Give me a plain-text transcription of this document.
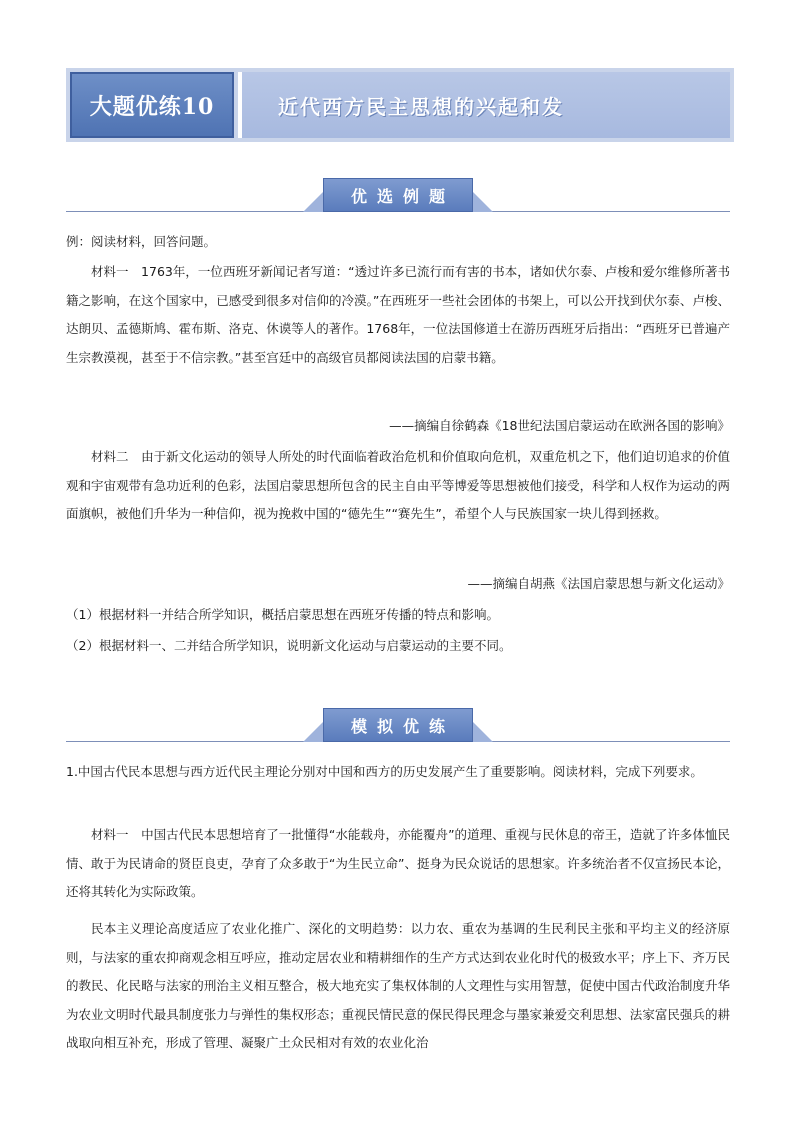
大题优练10	近代西方民主思想的兴起和发
优选例题

例：阅读材料，回答问题。

材料一　1763年，一位西班牙新闻记者写道：“透过许多已流行而有害的书本，诸如伏尔泰、卢梭和爱尔维修所著书籍之影响，在这个国家中，已感受到很多对信仰的冷漠。”在西班牙一些社会团体的书架上，可以公开找到伏尔泰、卢梭、达朗贝、孟德斯鸠、霍布斯、洛克、休谟等人的著作。1768年，一位法国修道士在游历西班牙后指出：“西班牙已普遍产生宗教漠视，甚至于不信宗教。”甚至宫廷中的高级官员都阅读法国的启蒙书籍。

——摘编自徐鹤森《18世纪法国启蒙运动在欧洲各国的影响》

材料二　由于新文化运动的领导人所处的时代面临着政治危机和价值取向危机，双重危机之下，他们迫切追求的价值观和宇宙观带有急功近利的色彩，法国启蒙思想所包含的民主自由平等博爱等思想被他们接受，科学和人权作为运动的两面旗帜，被他们升华为一种信仰，视为挽救中国的“德先生”“赛先生”，希望个人与民族国家一块儿得到拯救。

——摘编自胡燕《法国启蒙思想与新文化运动》

（1）根据材料一并结合所学知识，概括启蒙思想在西班牙传播的特点和影响。

（2）根据材料一、二并结合所学知识，说明新文化运动与启蒙运动的主要不同。

模拟优练

1.中国古代民本思想与西方近代民主理论分别对中国和西方的历史发展产生了重要影响。阅读材料，完成下列要求。

材料一　中国古代民本思想培育了一批懂得“水能载舟，亦能覆舟”的道理、重视与民休息的帝王，造就了许多体恤民情、敢于为民请命的贤臣良吏，孕育了众多敢于“为生民立命”、挺身为民众说话的思想家。许多统治者不仅宣扬民本论，还将其转化为实际政策。

民本主义理论高度适应了农业化推广、深化的文明趋势：以力农、重农为基调的生民利民主张和平均主义的经济原则，与法家的重农抑商观念相互呼应，推动定居农业和精耕细作的生产方式达到农业化时代的极致水平；序上下、齐万民的教民、化民略与法家的刑治主义相互整合，极大地充实了集权体制的人文理性与实用智慧，促使中国古代政治制度升华为农业文明时代最具制度张力与弹性的集权形态；重视民情民意的保民得民理念与墨家兼爱交利思想、法家富民强兵的耕战取向相互补充，形成了管理、凝聚广土众民相对有效的农业化治
